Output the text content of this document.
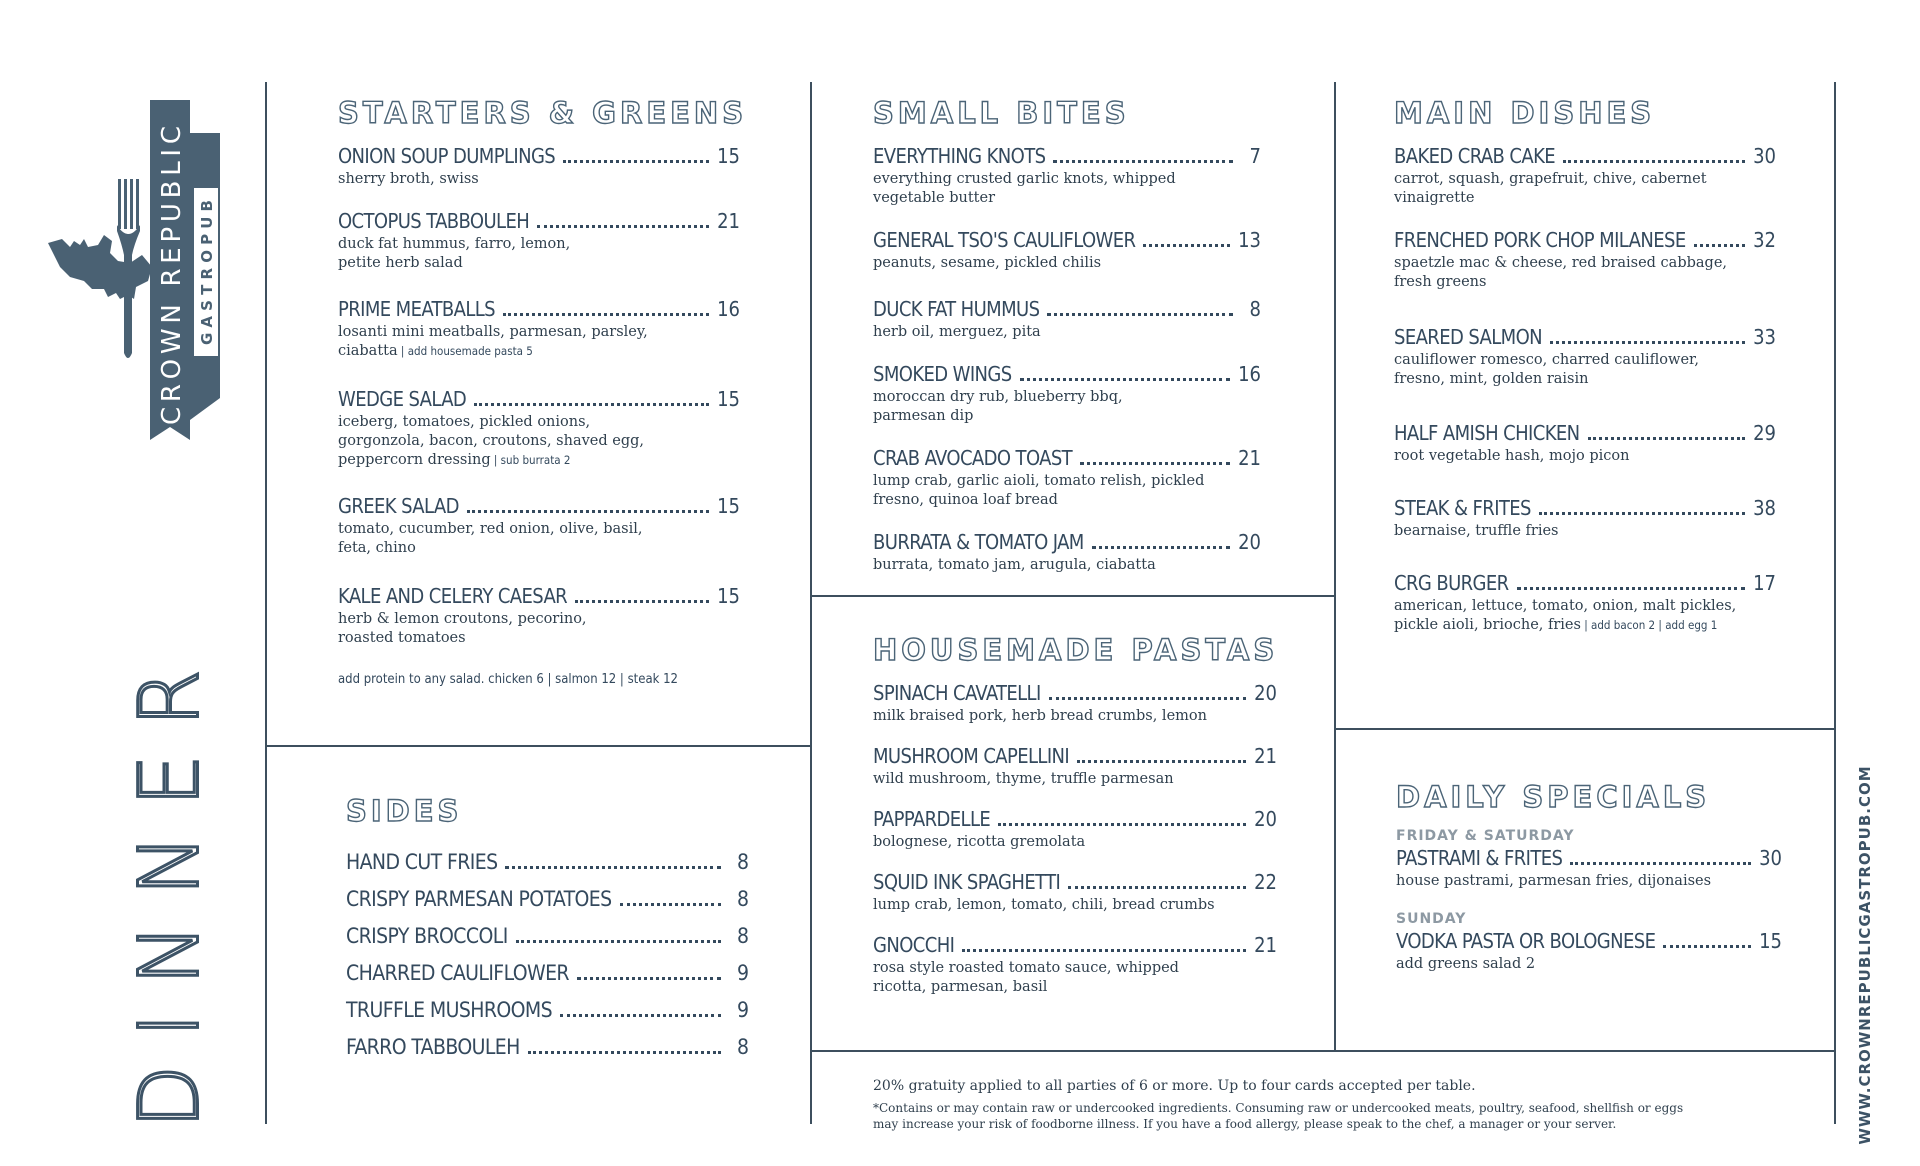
CROWN REPUBLIC
GASTROPUB
DINNER	WWW.CROWNREPUBLICGASTROPUB.COM
STARTERS & GREENS
ONION SOUP DUMPLINGS	15
sherry broth, swiss
OCTOPUS TABBOULEH	21
duck fat hummus, farro, lemon,
petite herb salad
PRIME MEATBALLS	16
losanti mini meatballs, parmesan, parsley,
ciabatta | add housemade pasta 5
WEDGE SALAD	15
iceberg, tomatoes, pickled onions,
gorgonzola, bacon, croutons, shaved egg,
peppercorn dressing | sub burrata 2
GREEK SALAD	15
tomato, cucumber, red onion, olive, basil,
feta, chino
KALE AND CELERY CAESAR	15
herb & lemon croutons, pecorino,
roasted tomatoes
add protein to any salad. chicken 6 | salmon 12 | steak 12
SIDES
HAND CUT FRIES	8
CRISPY PARMESAN POTATOES	8
CRISPY BROCCOLI	8
CHARRED CAULIFLOWER	9
TRUFFLE MUSHROOMS	9
FARRO TABBOULEH	8
SMALL BITES
EVERYTHING KNOTS	7
everything crusted garlic knots, whipped
vegetable butter
GENERAL TSO'S CAULIFLOWER	13
peanuts, sesame, pickled chilis
DUCK FAT HUMMUS	8
herb oil, merguez, pita
SMOKED WINGS	16
moroccan dry rub, blueberry bbq,
parmesan dip
CRAB AVOCADO TOAST	21
lump crab, garlic aioli, tomato relish, pickled
fresno, quinoa loaf bread
BURRATA & TOMATO JAM	20
burrata, tomato jam, arugula, ciabatta
HOUSEMADE PASTAS
SPINACH CAVATELLI	20
milk braised pork, herb bread crumbs, lemon
MUSHROOM CAPELLINI	21
wild mushroom, thyme, truffle parmesan
PAPPARDELLE	20
bolognese, ricotta gremolata
SQUID INK SPAGHETTI	22
lump crab, lemon, tomato, chili, bread crumbs
GNOCCHI	21
rosa style roasted tomato sauce, whipped
ricotta, parmesan, basil
MAIN DISHES
BAKED CRAB CAKE	30
carrot, squash, grapefruit, chive, cabernet
vinaigrette
FRENCHED PORK CHOP MILANESE	32
spaetzle mac & cheese, red braised cabbage,
fresh greens
SEARED SALMON	33
cauliflower romesco, charred cauliflower,
fresno, mint, golden raisin
HALF AMISH CHICKEN	29
root vegetable hash, mojo picon
STEAK & FRITES	38
bearnaise, truffle fries
CRG BURGER	17
american, lettuce, tomato, onion, malt pickles,
pickle aioli, brioche, fries | add bacon 2 | add egg 1
DAILY SPECIALS
FRIDAY & SATURDAY
PASTRAMI & FRITES	30
house pastrami, parmesan fries, dijonaises
SUNDAY
VODKA PASTA OR BOLOGNESE	15
add greens salad 2
20% gratuity applied to all parties of 6 or more. Up to four cards accepted per table.
*Contains or may contain raw or undercooked ingredients. Consuming raw or undercooked meats, poultry, seafood, shellfish or eggs
may increase your risk of foodborne illness. If you have a food allergy, please speak to the chef, a manager or your server.
